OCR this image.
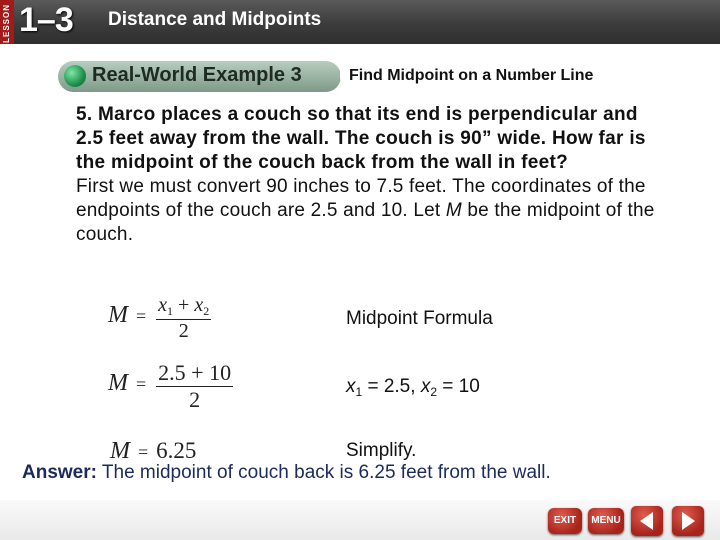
LESSON 1–3 Distance and Midpoints
Real-World Example 3	Find Midpoint on a Number Line

5. Marco places a couch so that its end is perpendicular and 2.5 feet away from the wall. The couch is 90” wide. How far is the midpoint of the couch back from the wall in feet?

First we must convert 90 inches to 7.5 feet. The coordinates of the endpoints of the couch are 2.5 and 10. Let M be the midpoint of the couch.

$M = \frac{x_1 + x_2}{2}$	Midpoint Formula
$M = \frac{2.5 + 10}{2}$	$x_1 = 2.5$, $x_2 = 10$
M = 6.25	Simplify.
Answer: The midpoint of couch back is 6.25 feet from the wall.
EXIT	MENU
